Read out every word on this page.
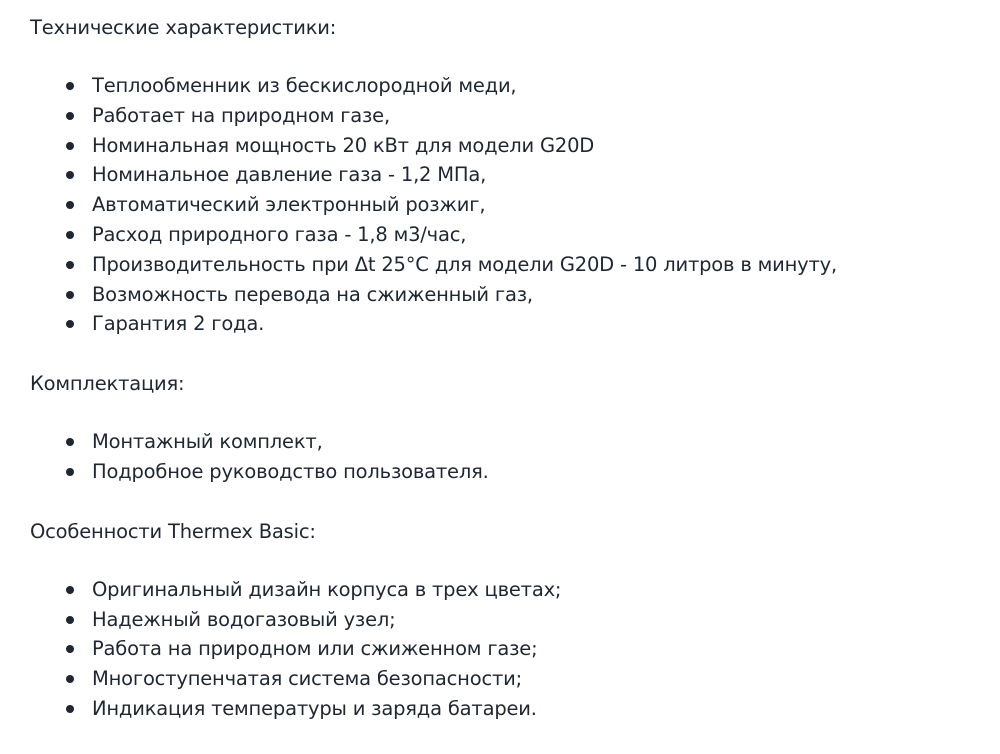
Технические характеристики:

Теплообменник из бескислородной меди,
Работает на природном газе,
Номинальная мощность 20 кВт для модели G20D
Номинальное давление газа - 1,2 МПа,
Автоматический электронный розжиг,
Расход природного газа - 1,8 м3/час,
Производительность при Δt 25°С для модели G20D - 10 литров в минуту,
Возможность перевода на сжиженный газ,
Гарантия 2 года.

Комплектация:

Монтажный комплект,
Подробное руководство пользователя.

Особенности Thermex Basic:

Оригинальный дизайн корпуса в трех цветах;
Надежный водогазовый узел;
Работа на природном или сжиженном газе;
Многоступенчатая система безопасности;
Индикация температуры и заряда батареи.
